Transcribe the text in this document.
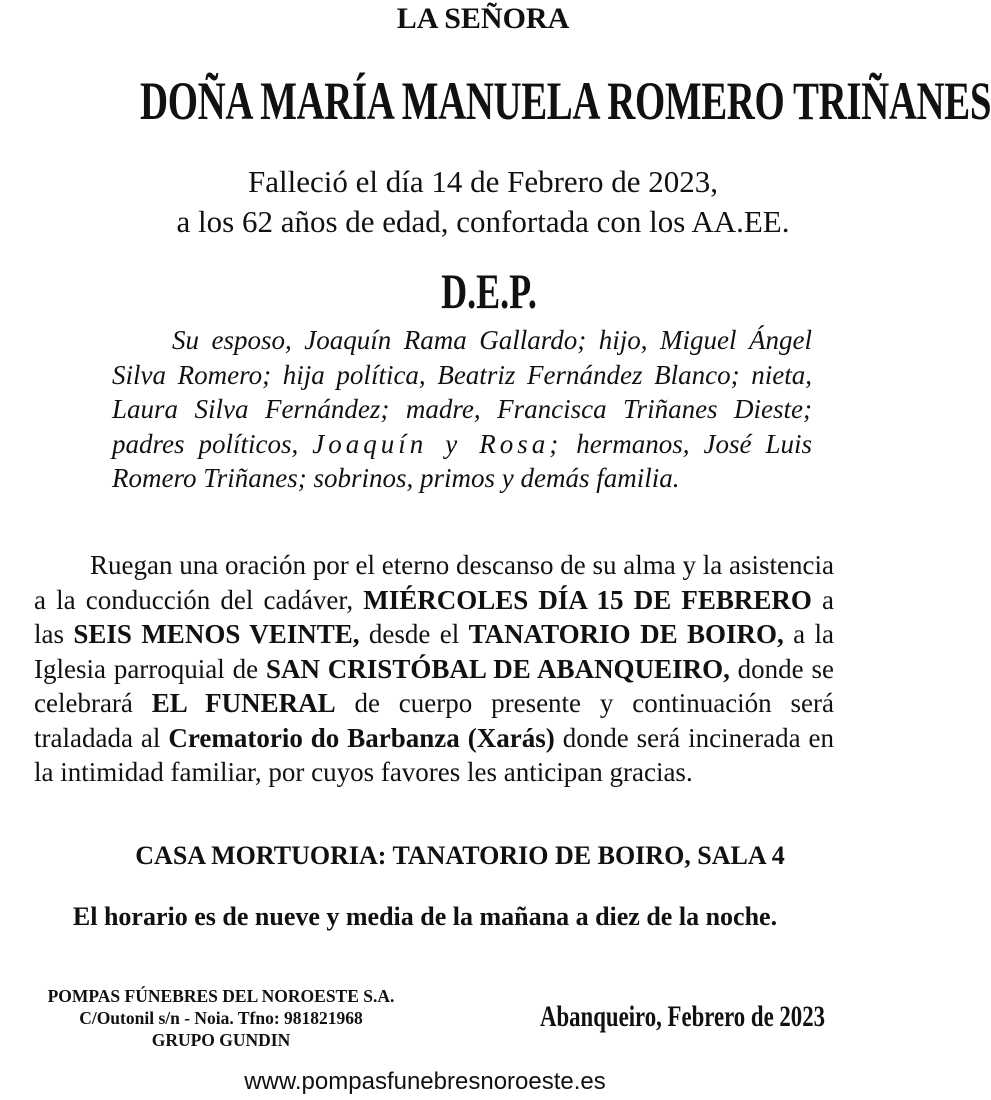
LA SEÑORA
DOÑA MARÍA MANUELA ROMERO TRIÑANES
Falleció el día 14 de Febrero de 2023,
a los 62 años de edad, confortada con los AA.EE.
D.E.P.
Su esposo, Joaquín Rama Gallardo; hijo, Miguel Ángel Silva Romero; hija política, Beatriz Fernández Blanco; nieta, Laura Silva Fernández; madre, Francisca Triñanes Dieste; padres políticos, Joaquín y Rosa; hermanos, José Luis Romero Triñanes; sobrinos, primos y demás familia.
Ruegan una oración por el eterno descanso de su alma y la asistencia a la conducción del cadáver, MIÉRCOLES DÍA 15 DE FEBRERO a las SEIS MENOS VEINTE, desde el TANATORIO DE BOIRO, a la Iglesia parroquial de SAN CRISTÓBAL DE ABANQUEIRO, donde se celebrará EL FUNERAL de cuerpo presente y continuación será traladada al Crematorio do Barbanza (Xarás) donde será incinerada en la intimidad familiar, por cuyos favores les anticipan gracias.
CASA MORTUORIA: TANATORIO DE BOIRO, SALA 4
El horario es de nueve y media de la mañana a diez de la noche.
POMPAS FÚNEBRES DEL NOROESTE S.A.
C/Outonil s/n - Noia. Tfno: 981821968
GRUPO GUNDIN
Abanqueiro, Febrero de 2023
www.pompasfunebresnoroeste.es
